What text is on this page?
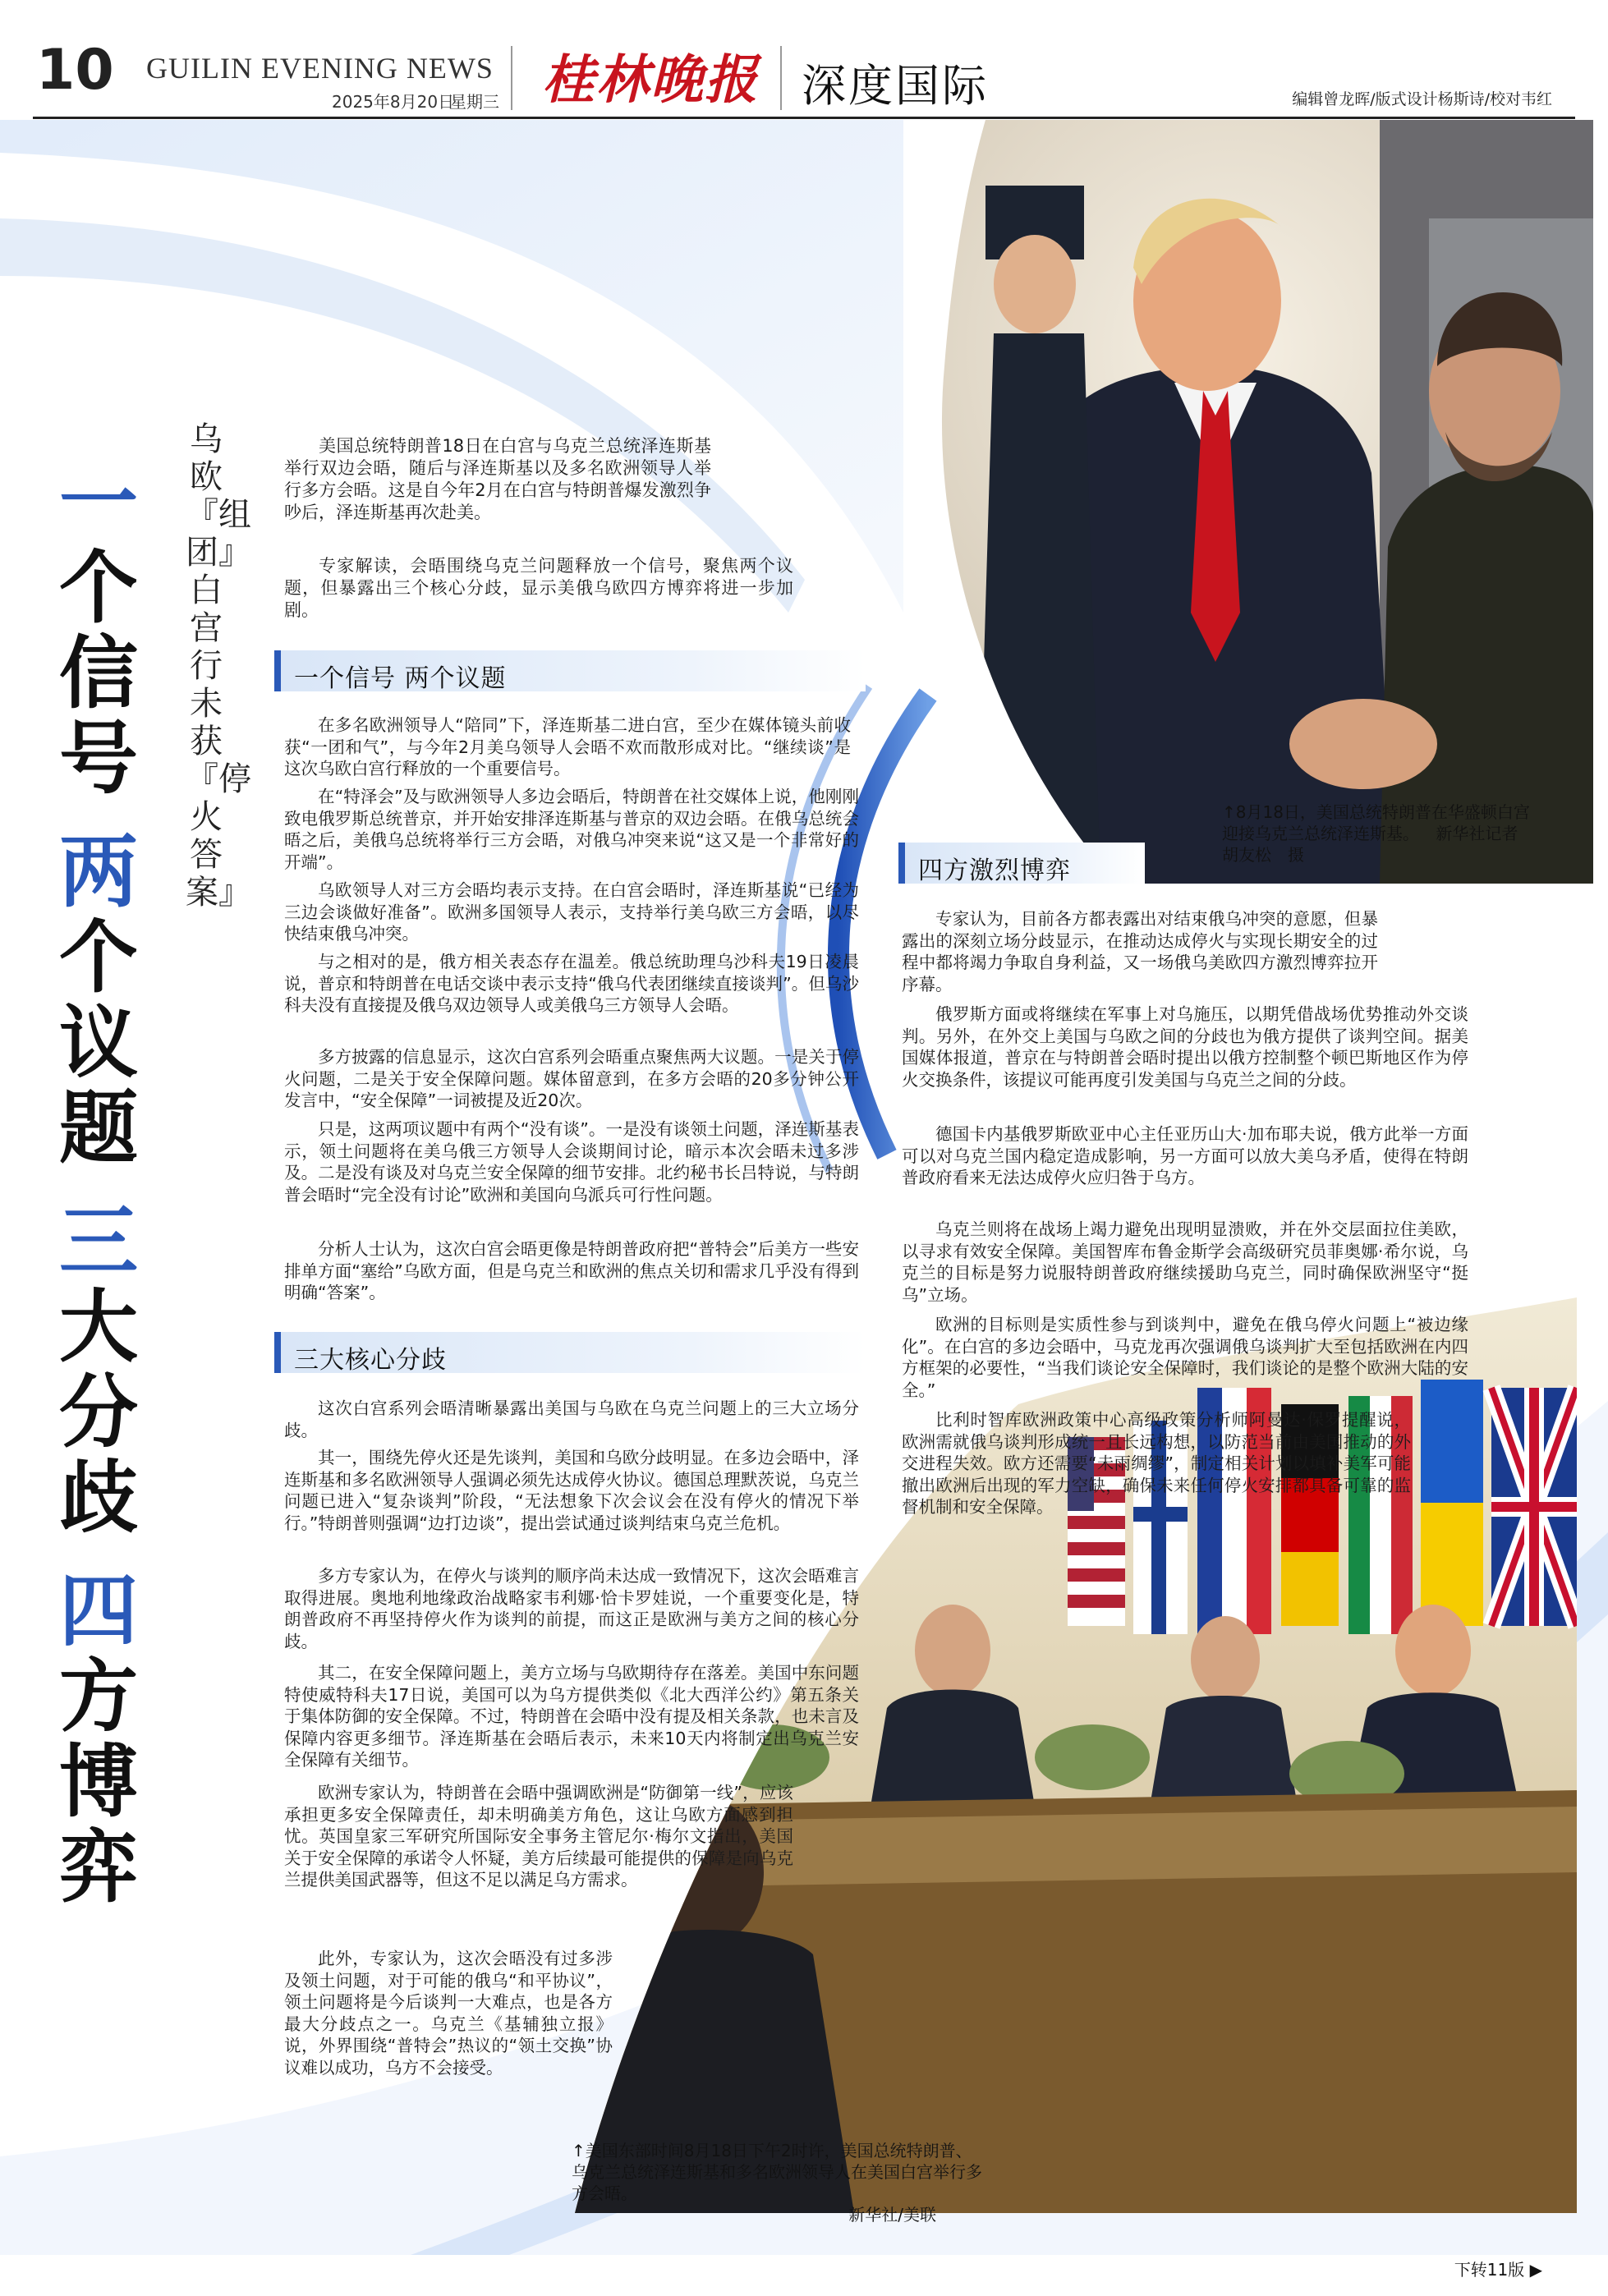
10 GUILIN EVENING NEWS
2025年8月20日
星期三 桂林晚报 深度国际	编辑曾龙晖/版式设计杨斯诗/校对韦红
↑8月18日，美国总统特朗普在华盛顿白宫迎接乌克兰总统泽连斯基。 新华社记者胡友松　摄
↑美国东部时间8月18日下午2时许，美国总统特朗普、乌克兰总统泽连斯基和多名欧洲领导人在美国白宫举行多方会晤。
新华社/美联
一
个信号
两
个议题
三
大分歧
四
方博弈
乌欧『组团』白宫行未获『停火答案』
美国总统特朗普18日在白宫与乌克兰总统泽连斯基举行双边会晤，随后与泽连斯基以及多名欧洲领导人举行多方会晤。这是自今年2月在白宫与特朗普爆发激烈争吵后，泽连斯基再次赴美。
专家解读，会晤围绕乌克兰问题释放一个信号，聚焦两个议题，但暴露出三个核心分歧，显示美俄乌欧四方博弈将进一步加剧。
一个信号 两个议题
在多名欧洲领导人“陪同”下，泽连斯基二进白宫，至少在媒体镜头前收获“一团和气”，与今年2月美乌领导人会晤不欢而散形成对比。“继续谈”是这次乌欧白宫行释放的一个重要信号。
在“特泽会”及与欧洲领导人多边会晤后，特朗普在社交媒体上说，他刚刚致电俄罗斯总统普京，并开始安排泽连斯基与普京的双边会晤。在俄乌总统会晤之后，美俄乌总统将举行三方会晤，对俄乌冲突来说“这又是一个非常好的开端”。
乌欧领导人对三方会晤均表示支持。在白宫会晤时，泽连斯基说“已经为三边会谈做好准备”。欧洲多国领导人表示，支持举行美乌欧三方会晤，以尽快结束俄乌冲突。
与之相对的是，俄方相关表态存在温差。俄总统助理乌沙科夫19日凌晨说，普京和特朗普在电话交谈中表示支持“俄乌代表团继续直接谈判”。但乌沙科夫没有直接提及俄乌双边领导人或美俄乌三方领导人会晤。
多方披露的信息显示，这次白宫系列会晤重点聚焦两大议题。一是关于停火问题，二是关于安全保障问题。媒体留意到，在多方会晤的20多分钟公开发言中，“安全保障”一词被提及近20次。
只是，这两项议题中有两个“没有谈”。一是没有谈领土问题，泽连斯基表示，领土问题将在美乌俄三方领导人会谈期间讨论，暗示本次会晤未过多涉及。二是没有谈及对乌克兰安全保障的细节安排。北约秘书长吕特说，与特朗普会晤时“完全没有讨论”欧洲和美国向乌派兵可行性问题。
分析人士认为，这次白宫会晤更像是特朗普政府把“普特会”后美方一些安排单方面“塞给”乌欧方面，但是乌克兰和欧洲的焦点关切和需求几乎没有得到明确“答案”。
三大核心分歧
这次白宫系列会晤清晰暴露出美国与乌欧在乌克兰问题上的三大立场分歧。
其一，围绕先停火还是先谈判，美国和乌欧分歧明显。在多边会晤中，泽连斯基和多名欧洲领导人强调必须先达成停火协议。德国总理默茨说，乌克兰问题已进入“复杂谈判”阶段，“无法想象下次会议会在没有停火的情况下举行。”特朗普则强调“边打边谈”，提出尝试通过谈判结束乌克兰危机。
多方专家认为，在停火与谈判的顺序尚未达成一致情况下，这次会晤难言取得进展。奥地利地缘政治战略家韦利娜·恰卡罗娃说，一个重要变化是，特朗普政府不再坚持停火作为谈判的前提，而这正是欧洲与美方之间的核心分歧。
其二，在安全保障问题上，美方立场与乌欧期待存在落差。美国中东问题特使威特科夫17日说，美国可以为乌方提供类似《北大西洋公约》第五条关于集体防御的安全保障。不过，特朗普在会晤中没有提及相关条款，也未言及保障内容更多细节。泽连斯基在会晤后表示，未来10天内将制定出乌克兰安全保障有关细节。
欧洲专家认为，特朗普在会晤中强调欧洲是“防御第一线”，应该承担更多安全保障责任，却未明确美方角色，这让乌欧方面感到担忧。英国皇家三军研究所国际安全事务主管尼尔·梅尔文指出，美国关于安全保障的承诺令人怀疑，美方后续最可能提供的保障是向乌克兰提供美国武器等，但这不足以满足乌方需求。
此外，专家认为，这次会晤没有过多涉及领土问题，对于可能的俄乌“和平协议”，领土问题将是今后谈判一大难点，也是各方最大分歧点之一。乌克兰《基辅独立报》说，外界围绕“普特会”热议的“领土交换”协议难以成功，乌方不会接受。
四方激烈博弈
专家认为，目前各方都表露出对结束俄乌冲突的意愿，但暴露出的深刻立场分歧显示，在推动达成停火与实现长期安全的过程中都将竭力争取自身利益，又一场俄乌美欧四方激烈博弈拉开序幕。
俄罗斯方面或将继续在军事上对乌施压，以期凭借战场优势推动外交谈判。另外，在外交上美国与乌欧之间的分歧也为俄方提供了谈判空间。据美国媒体报道，普京在与特朗普会晤时提出以俄方控制整个顿巴斯地区作为停火交换条件，该提议可能再度引发美国与乌克兰之间的分歧。
德国卡内基俄罗斯欧亚中心主任亚历山大·加布耶夫说，俄方此举一方面可以对乌克兰国内稳定造成影响，另一方面可以放大美乌矛盾，使得在特朗普政府看来无法达成停火应归咎于乌方。
乌克兰则将在战场上竭力避免出现明显溃败，并在外交层面拉住美欧，以寻求有效安全保障。美国智库布鲁金斯学会高级研究员菲奥娜·希尔说，乌克兰的目标是努力说服特朗普政府继续援助乌克兰，同时确保欧洲坚守“挺乌”立场。
欧洲的目标则是实质性参与到谈判中，避免在俄乌停火问题上“被边缘化”。在白宫的多边会晤中，马克龙再次强调俄乌谈判扩大至包括欧洲在内四方框架的必要性，“当我们谈论安全保障时，我们谈论的是整个欧洲大陆的安全。”
比利时智库欧洲政策中心高级政策分析师阿曼达·保罗提醒说，欧洲需就俄乌谈判形成统一且长远构想，以防范当前由美国推动的外交进程失效。欧方还需要“未雨绸缪”，制定相关计划以填补美军可能撤出欧洲后出现的军力空缺，确保未来任何停火安排都具备可靠的监督机制和安全保障。
下转11版 ▶
